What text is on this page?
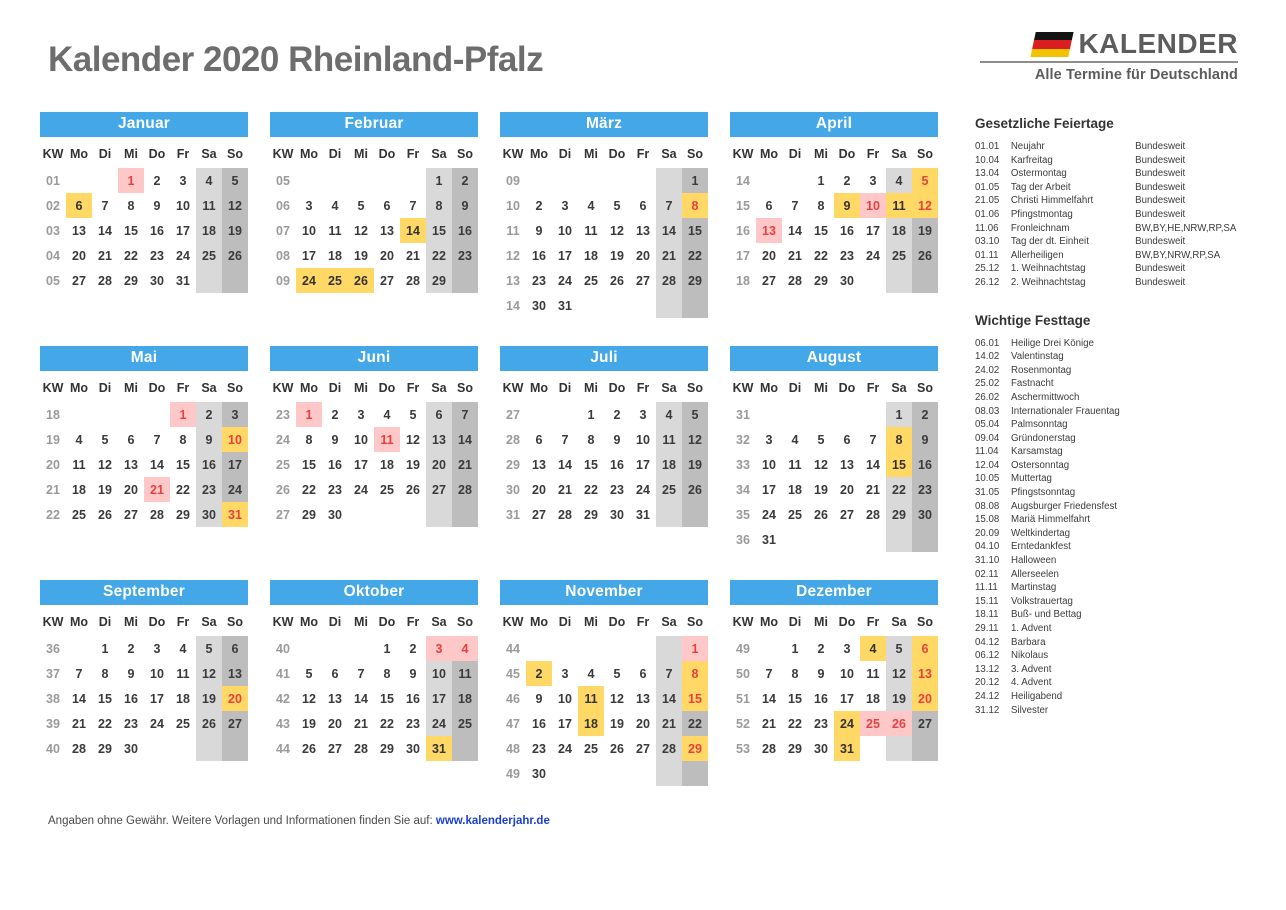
Kalender 2020 Rheinland-Pfalz	KALENDER
Alle Termine für Deutschland
Januar
KW	Mo	Di	Mi	Do	Fr	Sa	So
01			1	2	3	4	5
02	6	7	8	9	10	11	12
03	13	14	15	16	17	18	19
04	20	21	22	23	24	25	26
05	27	28	29	30	31		
Februar
KW	Mo	Di	Mi	Do	Fr	Sa	So
05						1	2
06	3	4	5	6	7	8	9
07	10	11	12	13	14	15	16
08	17	18	19	20	21	22	23
09	24	25	26	27	28	29	
März
KW	Mo	Di	Mi	Do	Fr	Sa	So
09							1
10	2	3	4	5	6	7	8
11	9	10	11	12	13	14	15
12	16	17	18	19	20	21	22
13	23	24	25	26	27	28	29
14	30	31					
April
KW	Mo	Di	Mi	Do	Fr	Sa	So
14			1	2	3	4	5
15	6	7	8	9	10	11	12
16	13	14	15	16	17	18	19
17	20	21	22	23	24	25	26
18	27	28	29	30			
Mai
KW	Mo	Di	Mi	Do	Fr	Sa	So
18					1	2	3
19	4	5	6	7	8	9	10
20	11	12	13	14	15	16	17
21	18	19	20	21	22	23	24
22	25	26	27	28	29	30	31
Juni
KW	Mo	Di	Mi	Do	Fr	Sa	So
23	1	2	3	4	5	6	7
24	8	9	10	11	12	13	14
25	15	16	17	18	19	20	21
26	22	23	24	25	26	27	28
27	29	30					
Juli
KW	Mo	Di	Mi	Do	Fr	Sa	So
27			1	2	3	4	5
28	6	7	8	9	10	11	12
29	13	14	15	16	17	18	19
30	20	21	22	23	24	25	26
31	27	28	29	30	31		
August
KW	Mo	Di	Mi	Do	Fr	Sa	So
31						1	2
32	3	4	5	6	7	8	9
33	10	11	12	13	14	15	16
34	17	18	19	20	21	22	23
35	24	25	26	27	28	29	30
36	31						
September
KW	Mo	Di	Mi	Do	Fr	Sa	So
36		1	2	3	4	5	6
37	7	8	9	10	11	12	13
38	14	15	16	17	18	19	20
39	21	22	23	24	25	26	27
40	28	29	30				
Oktober
KW	Mo	Di	Mi	Do	Fr	Sa	So
40				1	2	3	4
41	5	6	7	8	9	10	11
42	12	13	14	15	16	17	18
43	19	20	21	22	23	24	25
44	26	27	28	29	30	31	
November
KW	Mo	Di	Mi	Do	Fr	Sa	So
44							1
45	2	3	4	5	6	7	8
46	9	10	11	12	13	14	15
47	16	17	18	19	20	21	22
48	23	24	25	26	27	28	29
49	30						
Dezember
KW	Mo	Di	Mi	Do	Fr	Sa	So
49		1	2	3	4	5	6
50	7	8	9	10	11	12	13
51	14	15	16	17	18	19	20
52	21	22	23	24	25	26	27
53	28	29	30	31			
Gesetzliche Feiertage
01.01	Neujahr	Bundesweit
10.04	Karfreitag	Bundesweit
13.04	Ostermontag	Bundesweit
01.05	Tag der Arbeit	Bundesweit
21.05	Christi Himmelfahrt	Bundesweit
01.06	Pfingstmontag	Bundesweit
11.06	Fronleichnam	BW,BY,HE,NRW,RP,SA
03.10	Tag der dt. Einheit	Bundesweit
01.11	Allerheiligen	BW,BY,NRW,RP,SA
25.12	1. Weihnachtstag	Bundesweit
26.12	2. Weihnachtstag	Bundesweit
Wichtige Festtage
06.01	Heilige Drei Könige
14.02	Valentinstag
24.02	Rosenmontag
25.02	Fastnacht
26.02	Aschermittwoch
08.03	Internationaler Frauentag
05.04	Palmsonntag
09.04	Gründonerstag
11.04	Karsamstag
12.04	Ostersonntag
10.05	Muttertag
31.05	Pfingstsonntag
08.08	Augsburger Friedensfest
15.08	Mariä Himmelfahrt
20.09	Weltkindertag
04.10	Erntedankfest
31.10	Halloween
02.11	Allerseelen
11.11	Martinstag
15.11	Volkstrauertag
18.11	Buß- und Bettag
29.11	1. Advent
04.12	Barbara
06.12	Nikolaus
13.12	3. Advent
20.12	4. Advent
24.12	Heiligabend
31.12	Silvester
Angaben ohne Gewähr. Weitere Vorlagen und Informationen finden Sie auf: www.kalenderjahr.de
